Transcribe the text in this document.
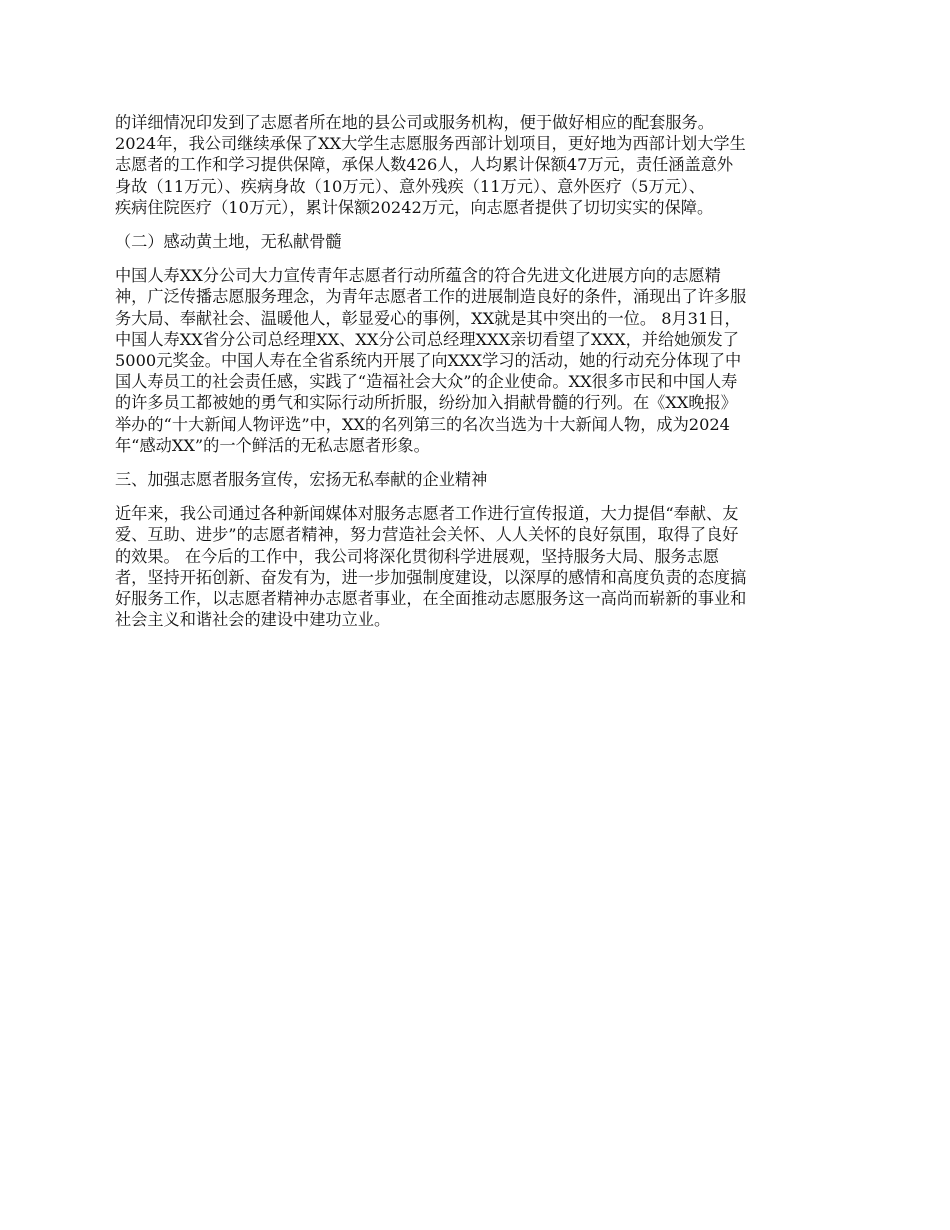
的详细情况印发到了志愿者所在地的县公司或服务机构，便于做好相应的配套服务。
2024年，我公司继续承保了XX大学生志愿服务西部计划项目，更好地为西部计划大学生
志愿者的工作和学习提供保障，承保人数426人，人均累计保额47万元，责任涵盖意外
身故（11万元）、疾病身故（10万元）、意外残疾（11万元）、意外医疗（5万元）、
疾病住院医疗（10万元），累计保额20242万元，向志愿者提供了切切实实的保障。
（二）感动黄土地，无私献骨髓
中国人寿XX分公司大力宣传青年志愿者行动所蕴含的符合先进文化进展方向的志愿精
神，广泛传播志愿服务理念，为青年志愿者工作的进展制造良好的条件，涌现出了许多服
务大局、奉献社会、温暖他人，彰显爱心的事例，XX就是其中突出的一位。 8月31日，
中国人寿XX省分公司总经理XX、XX分公司总经理XXX亲切看望了XXX，并给她颁发了
5000元奖金。中国人寿在全省系统内开展了向XXX学习的活动，她的行动充分体现了中
国人寿员工的社会责任感，实践了“造福社会大众”的企业使命。XX很多市民和中国人寿
的许多员工都被她的勇气和实际行动所折服，纷纷加入捐献骨髓的行列。在《XX晚报》
举办的“十大新闻人物评选”中，XX的名列第三的名次当选为十大新闻人物，成为2024
年“感动XX”的一个鲜活的无私志愿者形象。
三、加强志愿者服务宣传，宏扬无私奉献的企业精神
近年来，我公司通过各种新闻媒体对服务志愿者工作进行宣传报道，大力提倡“奉献、友
爱、互助、进步”的志愿者精神，努力营造社会关怀、人人关怀的良好氛围，取得了良好
的效果。 在今后的工作中，我公司将深化贯彻科学进展观，坚持服务大局、服务志愿
者，坚持开拓创新、奋发有为，进一步加强制度建设，以深厚的感情和高度负责的态度搞
好服务工作，以志愿者精神办志愿者事业，在全面推动志愿服务这一高尚而崭新的事业和
社会主义和谐社会的建设中建功立业。
